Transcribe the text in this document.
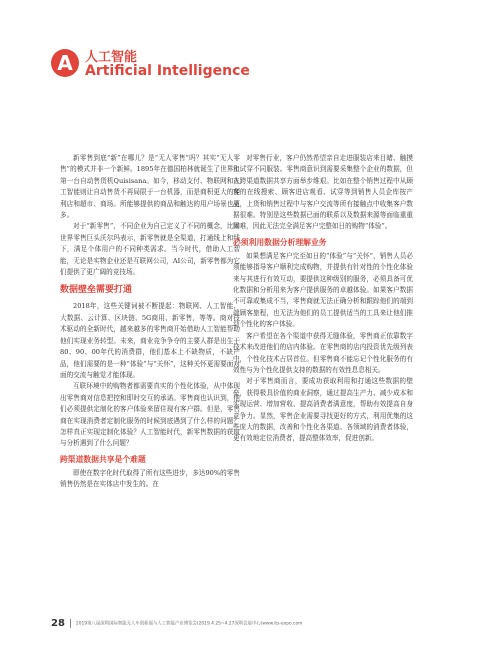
A 人工智能
Artificial Intelligence

新零售到底“新”在哪儿？是“无人零售”吗？其实“无人零售”的模式并非一个新鲜。1895年在德国柏林就诞生了世界上第一台自动售货机Quisisana。如今，移动支付、物联网和人工智能则让自动售货不再局限于一台机器，而是商积更大的便利店和超市、商场。所能够提供的商品和触达的用户场景也更多。

对于“新零售”，不同企业为自己定义了不同的概念，比如世界零售巨头沃尔玛表示，新零售就是全渠道，打通线上和线下，满足个体用户的不同种类需求。当今时代，借助人工智能，无论是实物企业还是互联网公司，AI公司，新零售都为它们提供了更广阔的竞技场。

数据壁垒需要打通

2018年，这些关键词被不断提起：物联网、人工智能、大数据、云计算、区块链、5G商用、新零售，等等。商对技术驱动的全新时代，越来越多的零售商开始借助人工智能帮助他们实现业务转型。未来，商业竞争争夺的主要人群是出生于80、90、00年代的消费群，他们基本上不缺物质，不缺产品，他们需要的是一种“体验”与“关怀”，这种关怀更需要面对面的交流与触觉才能体现。

互联环境中的购物者都需要真实的个性化体验，从中体现出零售商对信息把控和即时交互的承诺。零售商也认识到，他们必须提供定制化的客户体验来留住现有客户群。但是，零售商在实现消费者定制化服务的时候到底遇到了什么样的问题？怎样真正实现定制化体验？人工智能时代，新零售数据的获取与分析遇到了什么问题？

跨渠道数据共享是个难题

即使在数字化时代取得了所有这些进步，多达90%的零售销售仍然是在实体店中发生的。在

对零售行业，客户仍然希望亲自走进服装店来目睹、触摸和试穿不同服装。零售商意识到需要采集整个企业的数据，但在跨渠道数据共享方面举步维艰。比如在整个销售过程中从顾客的在线搜索、顾客进店观看、试穿等到销售人员企库按产品，上货和销售过程中与客户交流等所有接触点中收集客户数据很难。特别是这些数据已面的联系以及数据来源等面临重重困难，因此无法完全满足客户完整如日的购物“体验”。

必须利用数据分析理解业务

如果想满足客户完至如日的“体验”与“关怀”，销售人员必须能够指导客户顺利完成购物，并提供有针对性的个性化体验来与其进行有效互动，要提供这种级别的服务，必须具备可优化数据和分析用来为客户提供服务的卓越体验。如果客户数据不可靠或集成不当，零售商就无法正确分析和跟踪他们的端到端顾客旅程，也无法为他们的员工提供适当的工具来让他们推动个性化的客户体验。

客户希望在各个渠道中获得无缝体验，零售商正依靠数字技术来改进他们的店内体验。在零售商的店内投资优先级列表中，个性化技术占居首位。但零售商不能忘记个性化服务的有效性与为个性化提供支持的数据的有效性息息相关。

对于零售商而言，要成功获取利用和打通这些数据的壁垒，获得极具价值的商业洞察，通过提高生产力、减少成本和实现运营、增加营收、提高消费者满意度，帮助有效提高自身竞争力。显然，零售企业需要寻找更好的方式，利用优集的这些庞大的数据，改善和个性化各渠道、各领域的消费者体验，更有效地定位消费者，提高整体效率，促进创新。

28	2019第八届深圳国际智能无人车创新展与人工智能产业博览会(2019.4.25~4.27深圳会展中心)www.its-expo.com
